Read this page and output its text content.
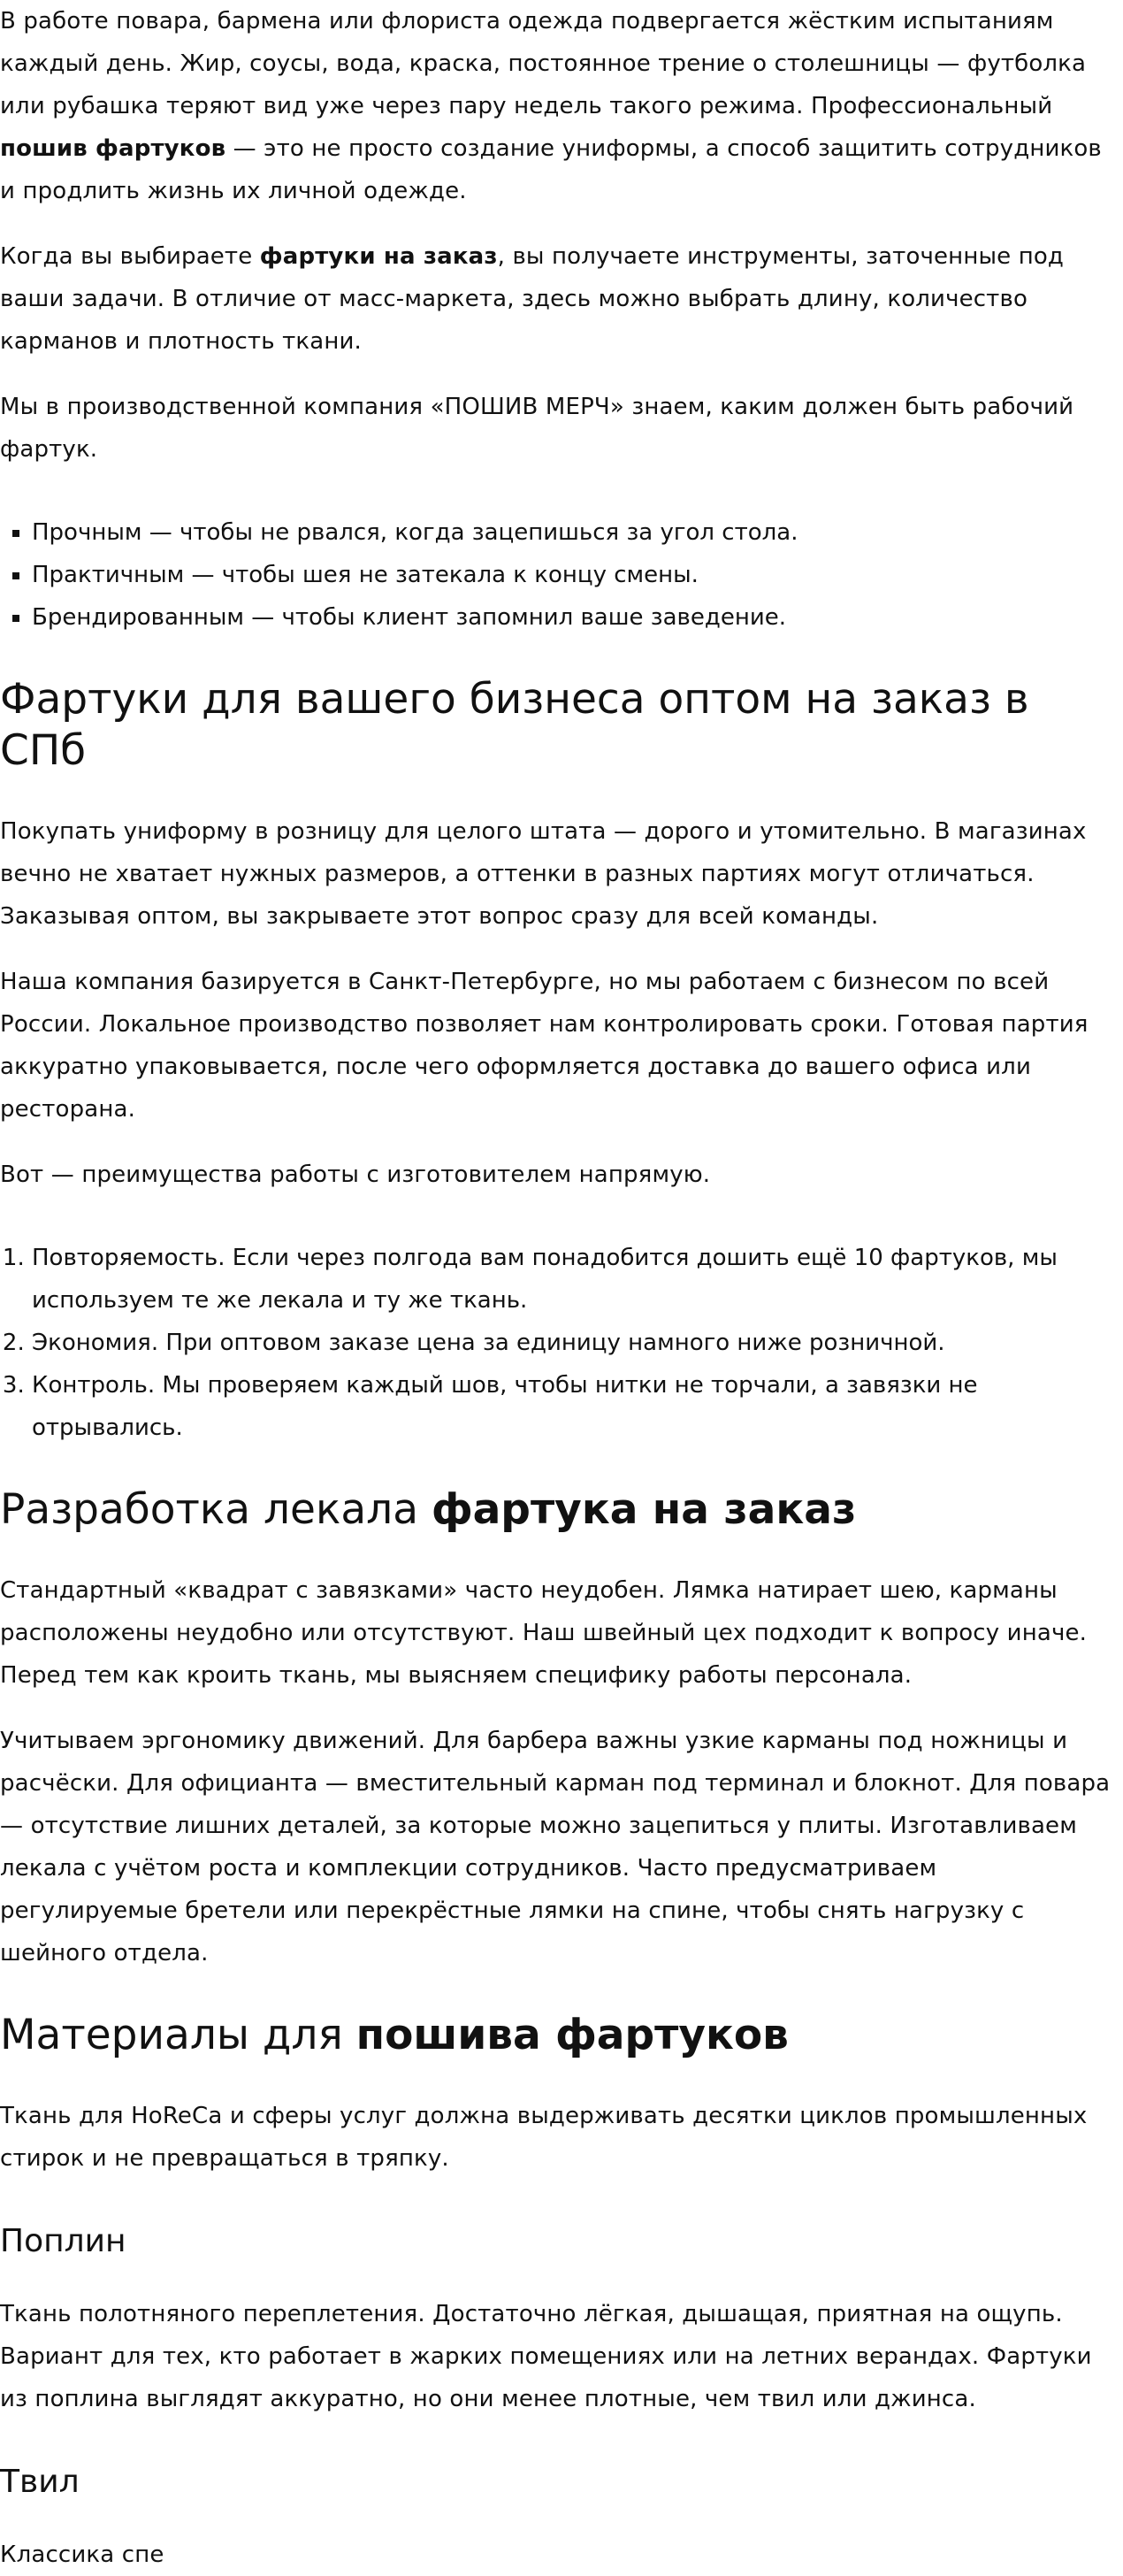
В работе повара, бармена или флориста одежда подвергается жёстким испытаниям каждый день. Жир, соусы, вода, краска, постоянное трение о столешницы — футболка или рубашка теряют вид уже через пару недель такого режима. Профессиональный пошив фартуков — это не просто создание униформы, а способ защитить сотрудников и продлить жизнь их личной одежде.

Когда вы выбираете фартуки на заказ, вы получаете инструменты, заточенные под ваши задачи. В отличие от масс-маркета, здесь можно выбрать длину, количество карманов и плотность ткани.

Мы в производственной компания «ПОШИВ МЕРЧ» знаем, каким должен быть рабочий фартук.

▪ Прочным — чтобы не рвался, когда зацепишься за угол стола.
▪ Практичным — чтобы шея не затекала к концу смены.
▪ Брендированным — чтобы клиент запомнил ваше заведение.
Фартуки для вашего бизнеса оптом на заказ в СПб

Покупать униформу в розницу для целого штата — дорого и утомительно. В магазинах вечно не хватает нужных размеров, а оттенки в разных партиях могут отличаться. Заказывая оптом, вы закрываете этот вопрос сразу для всей команды.

Наша компания базируется в Санкт-Петербурге, но мы работаем с бизнесом по всей России. Локальное производство позволяет нам контролировать сроки. Готовая партия аккуратно упаковывается, после чего оформляется доставка до вашего офиса или ресторана.

Вот — преимущества работы с изготовителем напрямую.

1. Повторяемость. Если через полгода вам понадобится дошить ещё 10 фартуков, мы используем те же лекала и ту же ткань.
2. Экономия. При оптовом заказе цена за единицу намного ниже розничной.
3. Контроль. Мы проверяем каждый шов, чтобы нитки не торчали, а завязки не отрывались.
Разработка лекала фартука на заказ

Стандартный «квадрат с завязками» часто неудобен. Лямка натирает шею, карманы расположены неудобно или отсутствуют. Наш швейный цех подходит к вопросу иначе. Перед тем как кроить ткань, мы выясняем специфику работы персонала.

Учитываем эргономику движений. Для барбера важны узкие карманы под ножницы и расчёски. Для официанта — вместительный карман под терминал и блокнот. Для повара — отсутствие лишних деталей, за которые можно зацепиться у плиты. Изготавливаем лекала с учётом роста и комплекции сотрудников. Часто предусматриваем регулируемые бретели или перекрёстные лямки на спине, чтобы снять нагрузку с шейного отдела.

Материалы для пошива фартуков

Ткань для HoReCa и сферы услуг должна выдерживать десятки циклов промышленных стирок и не превращаться в тряпку.

Поплин

Ткань полотняного переплетения. Достаточно лёгкая, дышащая, приятная на ощупь. Вариант для тех, кто работает в жарких помещениях или на летних верандах. Фартуки из поплина выглядят аккуратно, но они менее плотные, чем твил или джинса.

Твил

Классика спе
